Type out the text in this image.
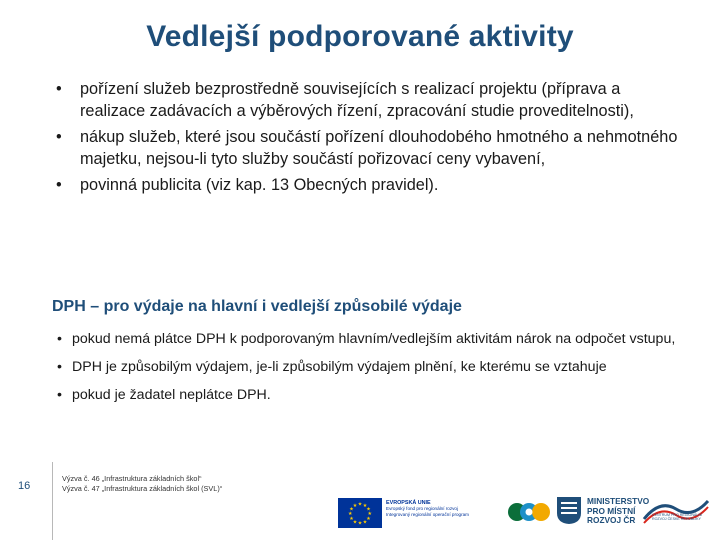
Vedlejší podporované aktivity
• pořízení služeb bezprostředně souvisejících s realizací projektu (příprava a realizace zadávacích a výběrových řízení, zpracování studie proveditelnosti),
• nákup služeb, které jsou součástí pořízení dlouhodobého hmotného a nehmotného majetku, nejsou-li tyto služby součástí pořizovací ceny vybavení,
• povinná publicita (viz kap. 13 Obecných pravidel).
DPH – pro výdaje na hlavní i vedlejší způsobilé výdaje
• pokud nemá plátce DPH k podporovaným hlavním/vedlejším aktivitám nárok na odpočet vstupu,
• DPH je způsobilým výdajem, je-li způsobilým výdajem plnění, ke kterému se vztahuje
• pokud je žadatel neplátce DPH.
16
Výzva č. 46 „Infrastruktura základních škol“
Výzva č. 47 „Infrastruktura základních škol (SVL)“
★ ★
★
★
★
★
★
★
★
★
★
★	EVROPSKÁ UNIE
Evropský fond pro regionální rozvoj
Integrovaný regionální operační program
MINISTERSTVO
PRO MÍSTNÍ
ROZVOJ ČR	CENTRUM PRO REGIONÁLNÍ ROZVOJ ČESKÉ REPUBLIKY
